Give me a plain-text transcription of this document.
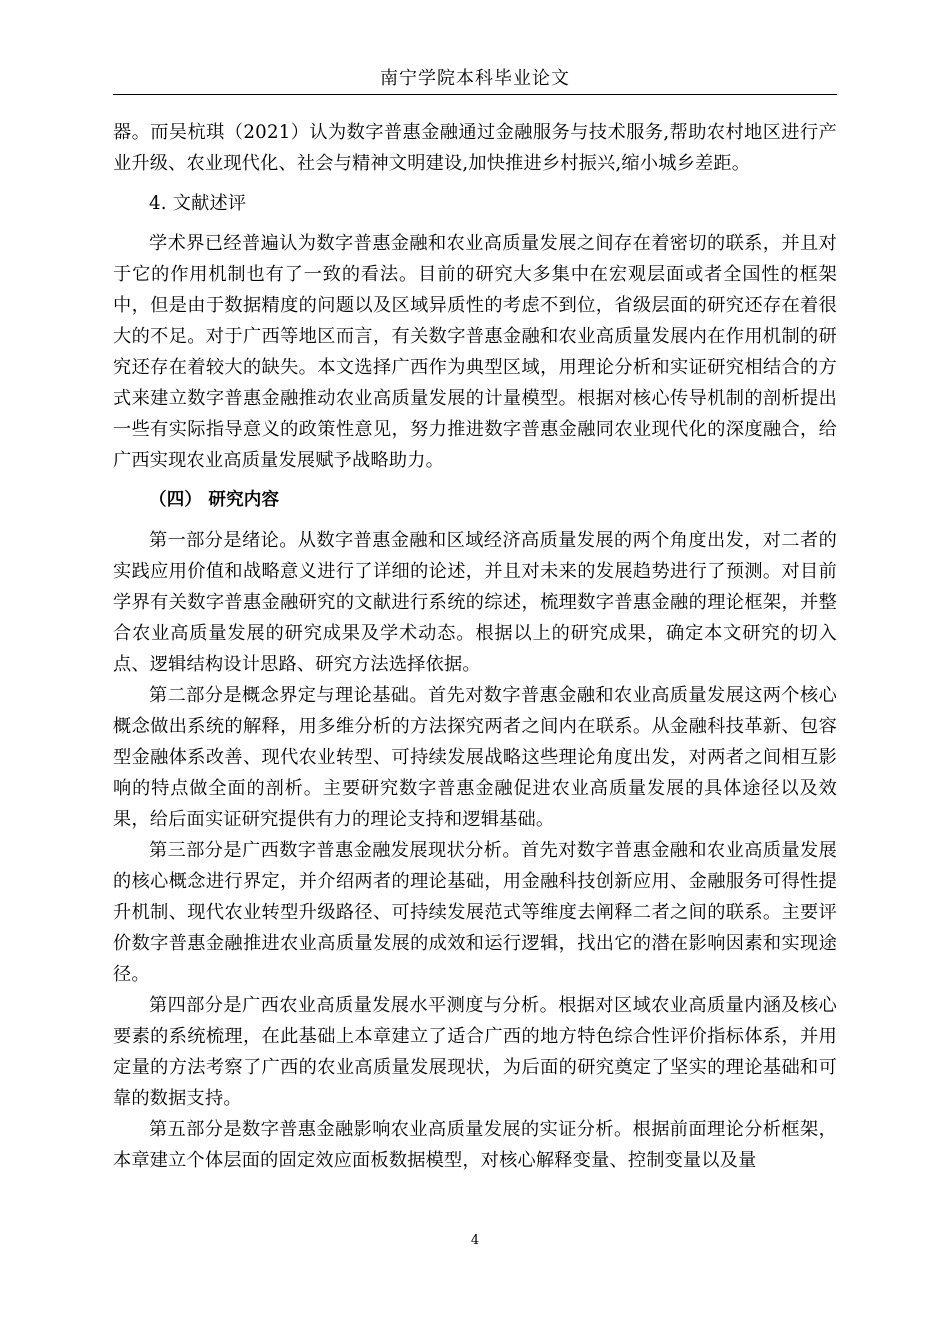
南宁学院本科毕业论文

器。而吴杭琪（2021）认为数字普惠金融通过金融服务与技术服务,帮助农村地区进行产业升级、农业现代化、社会与精神文明建设,加快推进乡村振兴,缩小城乡差距。

4. 文献述评

学术界已经普遍认为数字普惠金融和农业高质量发展之间存在着密切的联系，并且对于它的作用机制也有了一致的看法。目前的研究大多集中在宏观层面或者全国性的框架中，但是由于数据精度的问题以及区域异质性的考虑不到位，省级层面的研究还存在着很大的不足。对于广西等地区而言，有关数字普惠金融和农业高质量发展内在作用机制的研究还存在着较大的缺失。本文选择广西作为典型区域，用理论分析和实证研究相结合的方式来建立数字普惠金融推动农业高质量发展的计量模型。根据对核心传导机制的剖析提出一些有实际指导意义的政策性意见，努力推进数字普惠金融同农业现代化的深度融合，给广西实现农业高质量发展赋予战略助力。

（四） 研究内容

第一部分是绪论。从数字普惠金融和区域经济高质量发展的两个角度出发，对二者的实践应用价值和战略意义进行了详细的论述，并且对未来的发展趋势进行了预测。对目前学界有关数字普惠金融研究的文献进行系统的综述，梳理数字普惠金融的理论框架，并整合农业高质量发展的研究成果及学术动态。根据以上的研究成果，确定本文研究的切入点、逻辑结构设计思路、研究方法选择依据。

第二部分是概念界定与理论基础。首先对数字普惠金融和农业高质量发展这两个核心概念做出系统的解释，用多维分析的方法探究两者之间内在联系。从金融科技革新、包容型金融体系改善、现代农业转型、可持续发展战略这些理论角度出发，对两者之间相互影响的特点做全面的剖析。主要研究数字普惠金融促进农业高质量发展的具体途径以及效果，给后面实证研究提供有力的理论支持和逻辑基础。

第三部分是广西数字普惠金融发展现状分析。首先对数字普惠金融和农业高质量发展的核心概念进行界定，并介绍两者的理论基础，用金融科技创新应用、金融服务可得性提升机制、现代农业转型升级路径、可持续发展范式等维度去阐释二者之间的联系。主要评价数字普惠金融推进农业高质量发展的成效和运行逻辑，找出它的潜在影响因素和实现途径。

第四部分是广西农业高质量发展水平测度与分析。根据对区域农业高质量内涵及核心要素的系统梳理，在此基础上本章建立了适合广西的地方特色综合性评价指标体系，并用定量的方法考察了广西的农业高质量发展现状，为后面的研究奠定了坚实的理论基础和可靠的数据支持。

第五部分是数字普惠金融影响农业高质量发展的实证分析。根据前面理论分析框架，本章建立个体层面的固定效应面板数据模型，对核心解释变量、控制变量以及量

4
